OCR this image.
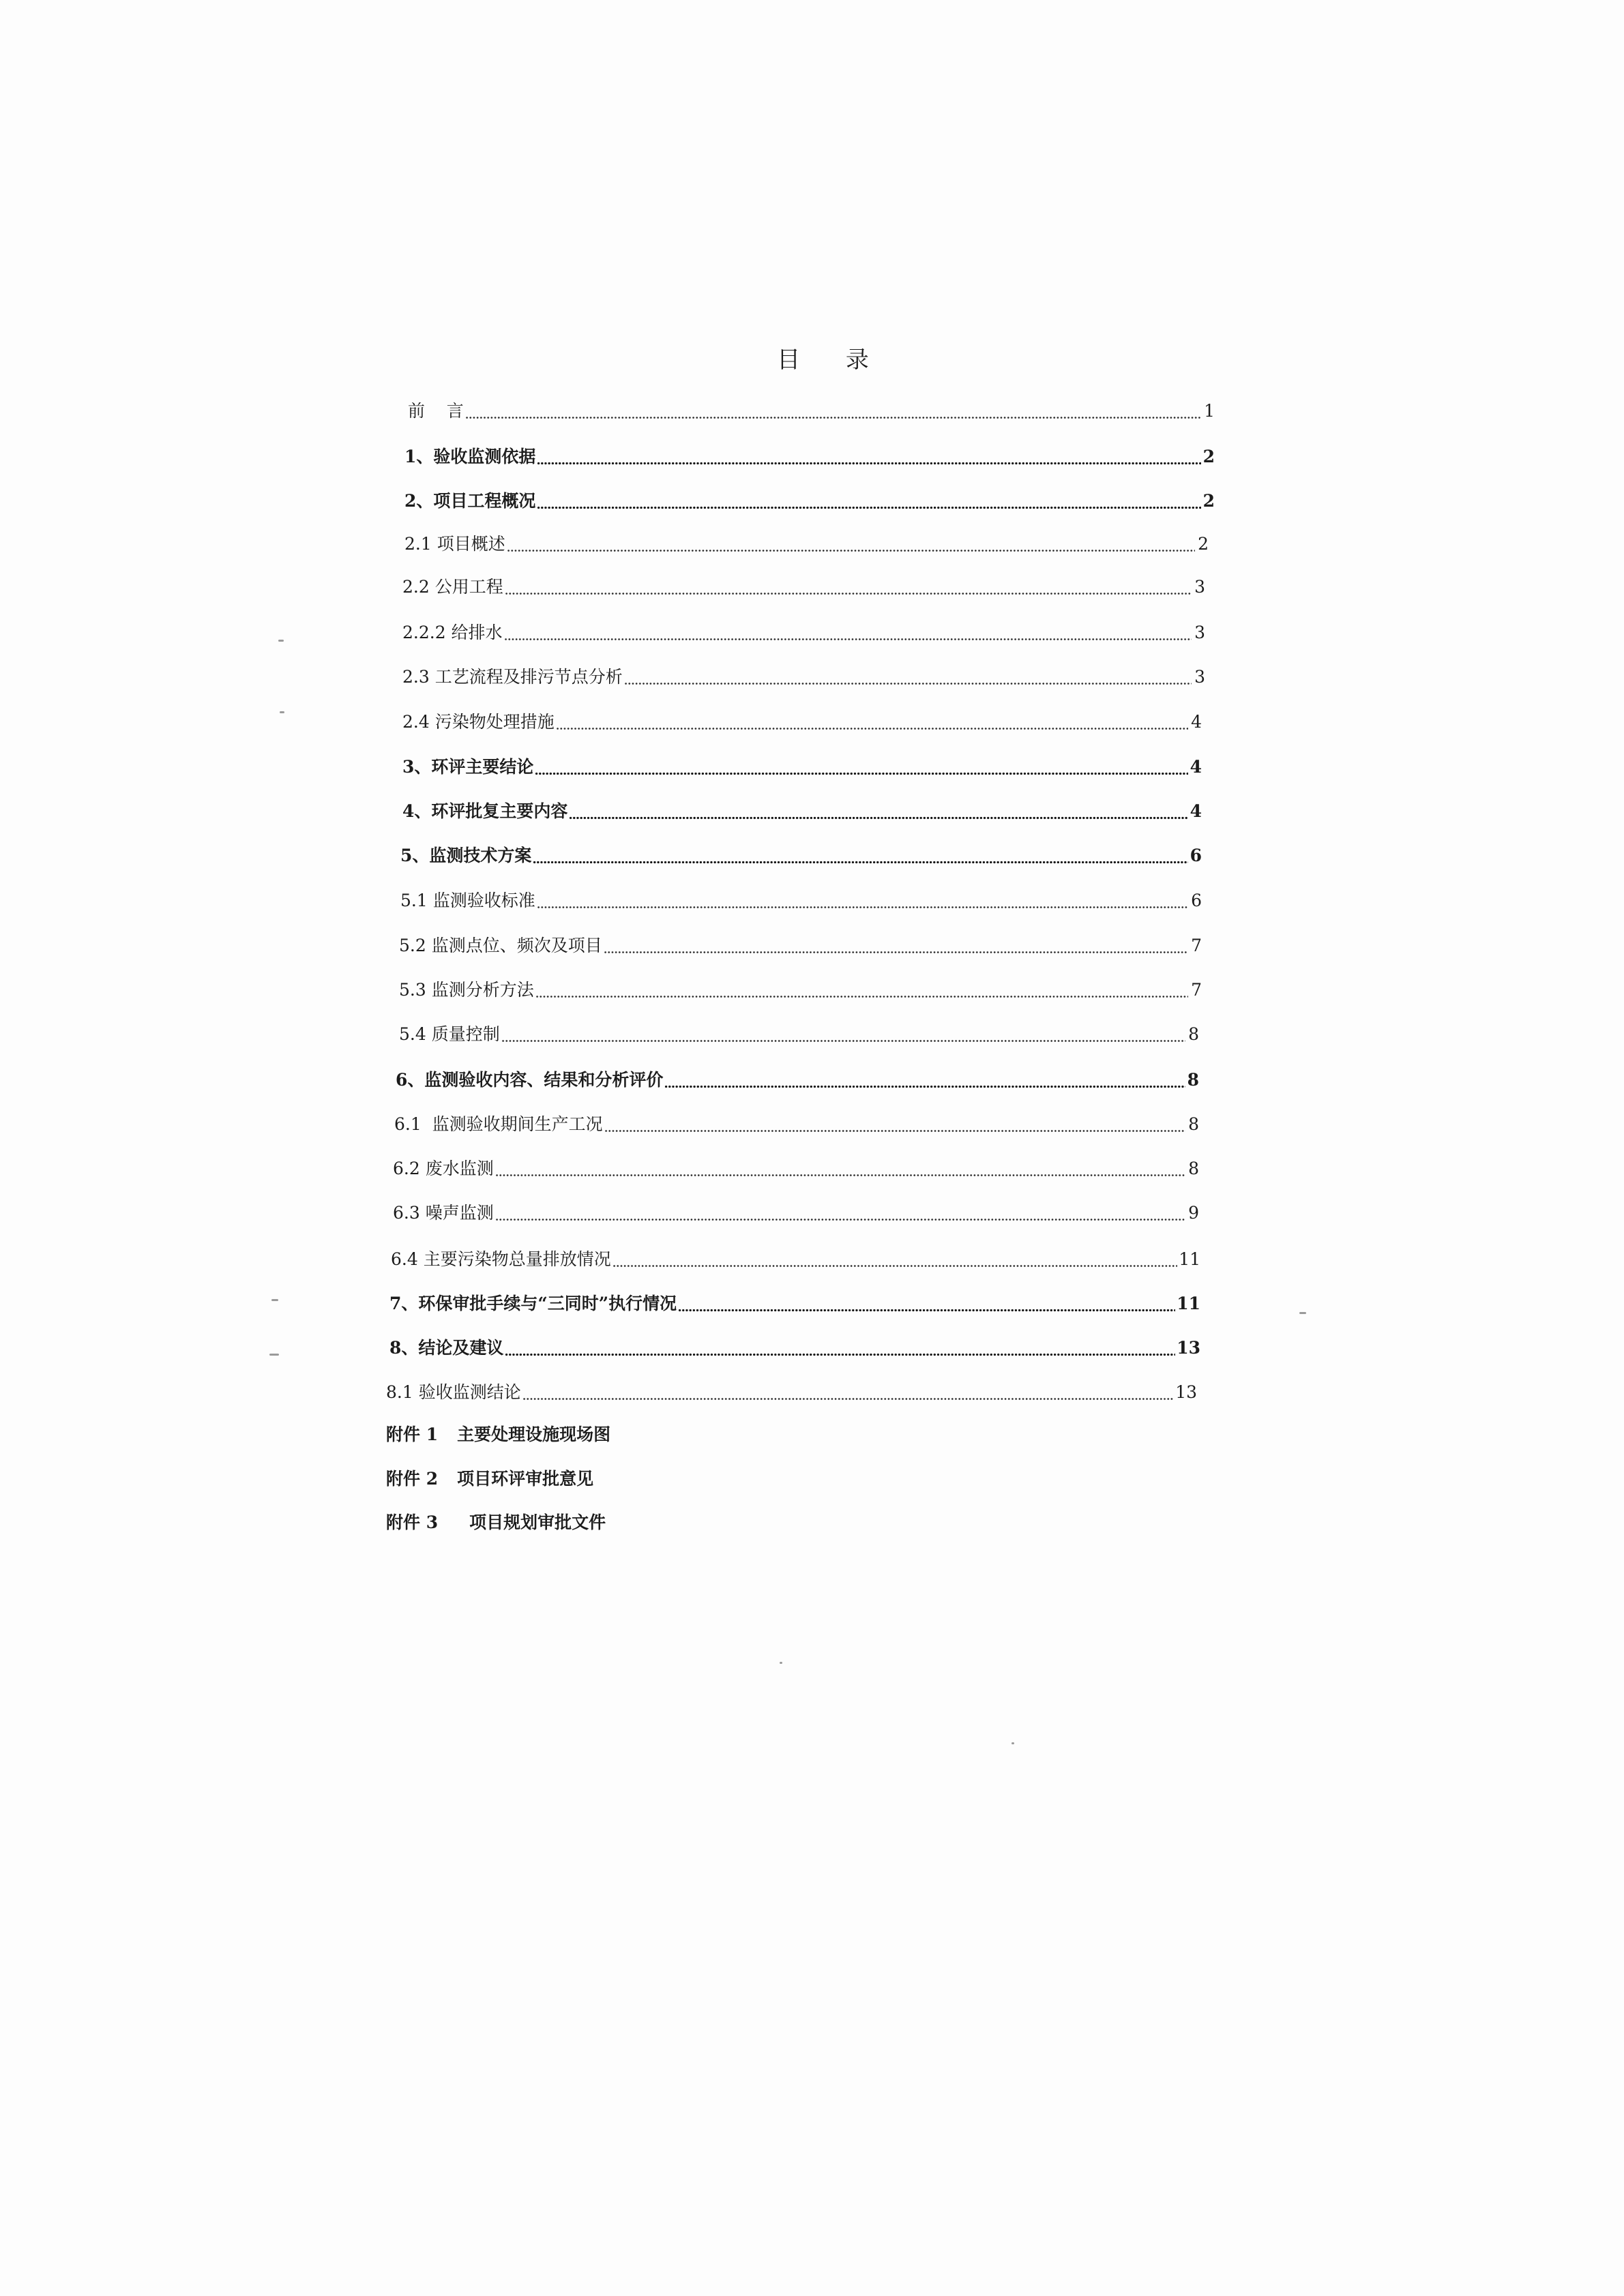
目 录
前    言	1
1、验收监测依据	2
2、项目工程概况	2
2.1 项目概述	2
2.2 公用工程	3
2.2.2 给排水	3
2.3 工艺流程及排污节点分析	3
2.4 污染物处理措施	4
3、环评主要结论	4
4、环评批复主要内容	4
5、监测技术方案	6
5.1 监测验收标准	6
5.2 监测点位、频次及项目	7
5.3 监测分析方法	7
5.4 质量控制	8
6、监测验收内容、结果和分析评价	8
6.1  监测验收期间生产工况	8
6.2 废水监测	8
6.3 噪声监测	9
6.4 主要污染物总量排放情况	11
7、环保审批手续与“三同时”执行情况	11
8、结论及建议	13
8.1 验收监测结论	13
附件 1 主要处理设施现场图
附件 2 项目环评审批意见
附件 3 项目规划审批文件
